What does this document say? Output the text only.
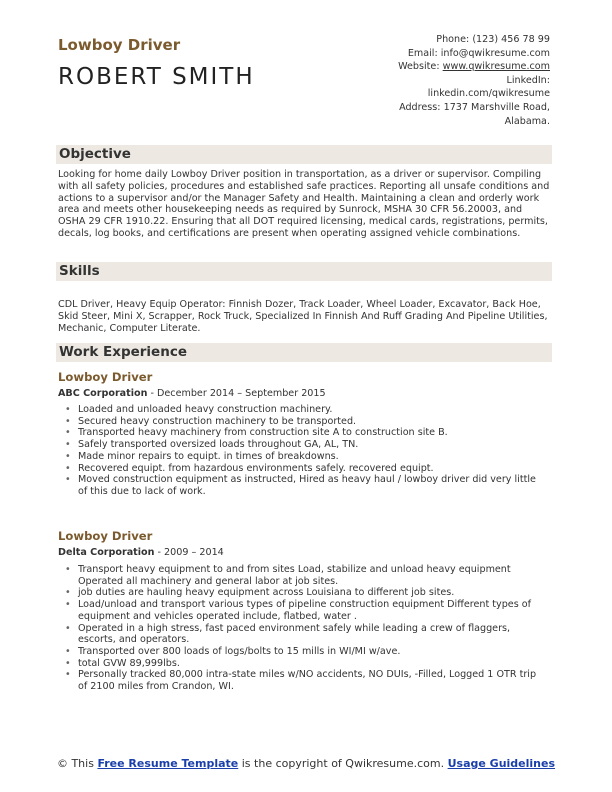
Lowboy Driver
ROBERT SMITH
Phone: (123) 456 78 99
Email: info@qwikresume.com
Website: www.qwikresume.com
LinkedIn:
linkedin.com/qwikresume
Address: 1737 Marshville Road,
Alabama.
Objective
Looking for home daily Lowboy Driver position in transportation, as a driver or supervisor. Compiling with all safety policies, procedures and established safe practices. Reporting all unsafe conditions and actions to a supervisor and/or the Manager Safety and Health. Maintaining a clean and orderly work area and meets other housekeeping needs as required by Sunrock, MSHA 30 CFR 56.20003, and OSHA 29 CFR 1910.22. Ensuring that all DOT required licensing, medical cards, registrations, permits, decals, log books, and certifications are present when operating assigned vehicle combinations.
Skills
CDL Driver, Heavy Equip Operator: Finnish Dozer, Track Loader, Wheel Loader, Excavator, Back Hoe, Skid Steer, Mini X, Scrapper, Rock Truck, Specialized In Finnish And Ruff Grading And Pipeline Utilities, Mechanic, Computer Literate.
Work Experience
Lowboy Driver
ABC Corporation - December 2014 – September 2015
• Loaded and unloaded heavy construction machinery.
• Secured heavy construction machinery to be transported.
• Transported heavy machinery from construction site A to construction site B.
• Safely transported oversized loads throughout GA, AL, TN.
• Made minor repairs to equipt. in times of breakdowns.
• Recovered equipt. from hazardous environments safely. recovered equipt.
• Moved construction equipment as instructed, Hired as heavy haul / lowboy driver did very little of this due to lack of work.
Lowboy Driver
Delta Corporation - 2009 – 2014
• Transport heavy equipment to and from sites Load, stabilize and unload heavy equipment Operated all machinery and general labor at job sites.
• job duties are hauling heavy equipment across Louisiana to different job sites.
• Load/unload and transport various types of pipeline construction equipment Different types of equipment and vehicles operated include, flatbed, water .
• Operated in a high stress, fast paced environment safely while leading a crew of flaggers, escorts, and operators.
• Transported over 800 loads of logs/bolts to 15 mills in WI/MI w/ave.
• total GVW 89,999lbs.
• Personally tracked 80,000 intra-state miles w/NO accidents, NO DUIs, -Filled, Logged 1 OTR trip of 2100 miles from Crandon, WI.
© This Free Resume Template is the copyright of Qwikresume.com. Usage Guidelines
